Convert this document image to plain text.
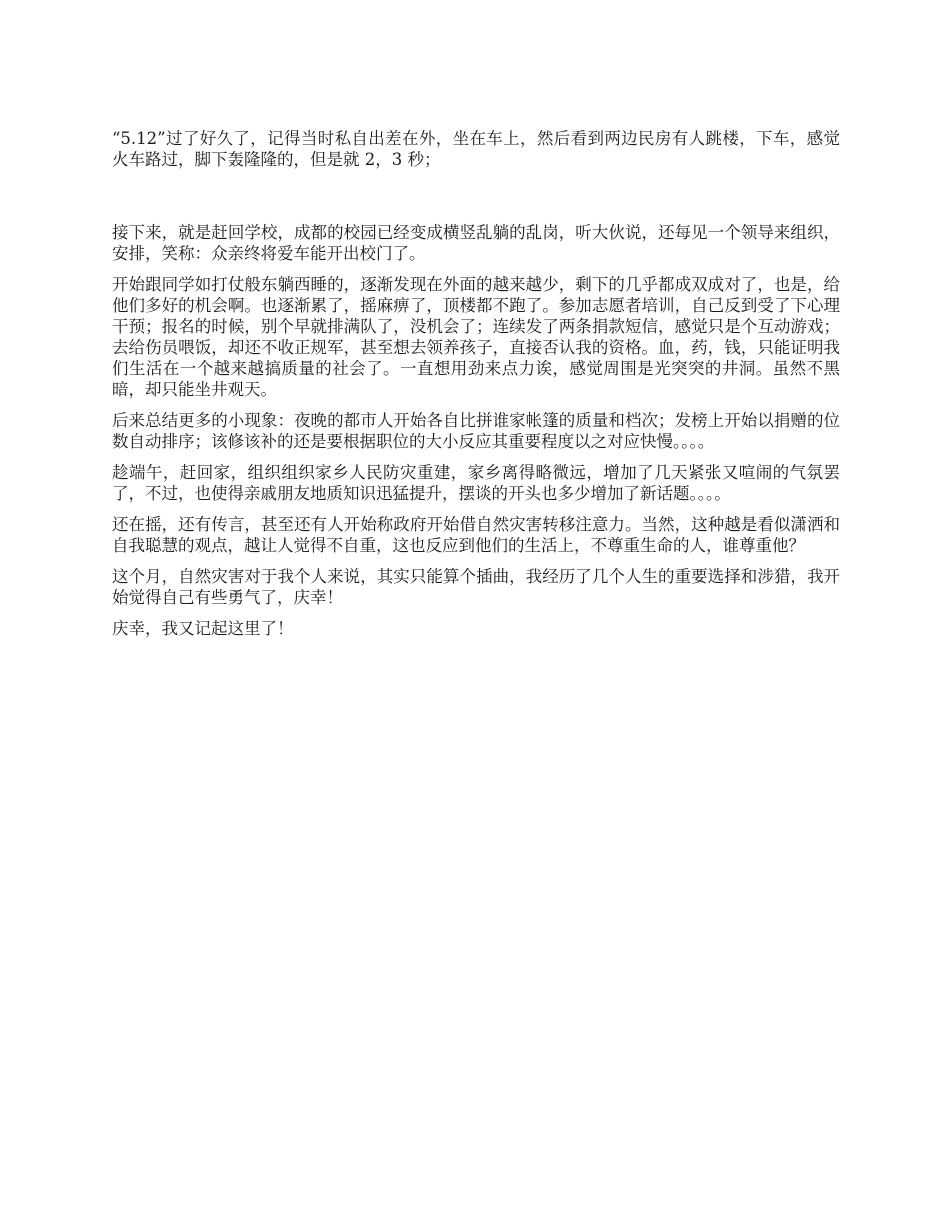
“5.12”过了好久了，记得当时私自出差在外，坐在车上，然后看到两边民房有人跳楼，下车，感觉火车路过，脚下轰隆隆的，但是就 2，3 秒；

接下来，就是赶回学校，成都的校园已经变成横竖乱躺的乱岗，听大伙说，还每见一个领导来组织，安排，笑称：众亲终将爱车能开出校门了。

开始跟同学如打仗般东躺西睡的，逐渐发现在外面的越来越少，剩下的几乎都成双成对了，也是，给他们多好的机会啊。也逐渐累了，摇麻痹了，顶楼都不跑了。参加志愿者培训，自己反到受了下心理干预；报名的时候，别个早就排满队了，没机会了；连续发了两条捐款短信，感觉只是个互动游戏；去给伤员喂饭，却还不收正规军，甚至想去领养孩子，直接否认我的资格。血，药，钱，只能证明我们生活在一个越来越搞质量的社会了。一直想用劲来点力诶，感觉周围是光突突的井洞。虽然不黑暗，却只能坐井观天。

后来总结更多的小现象：夜晚的都市人开始各自比拼谁家帐篷的质量和档次；发榜上开始以捐赠的位数自动排序；该修该补的还是要根据职位的大小反应其重要程度以之对应快慢。。。。

趁端午，赶回家，组织组织家乡人民防灾重建，家乡离得略微远，增加了几天紧张又喧闹的气氛罢了，不过，也使得亲戚朋友地质知识迅猛提升，摆谈的开头也多少增加了新话题。。。。

还在摇，还有传言，甚至还有人开始称政府开始借自然灾害转移注意力。当然，这种越是看似潇洒和自我聪慧的观点，越让人觉得不自重，这也反应到他们的生活上，不尊重生命的人，谁尊重他？

这个月，自然灾害对于我个人来说，其实只能算个插曲，我经历了几个人生的重要选择和涉猎，我开始觉得自己有些勇气了，庆幸！

庆幸，我又记起这里了！
